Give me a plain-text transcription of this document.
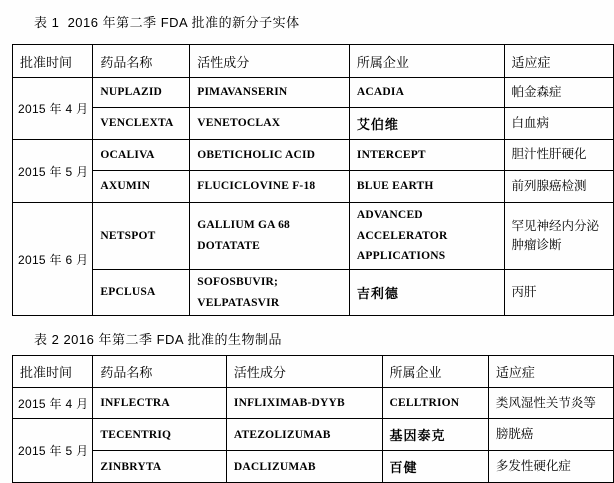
表 1  2016 年第二季 FDA 批准的新分子实体
批准时间	药品名称	活性成分	所属企业	适应症
2015 年 4 月	NUPLAZID	PIMAVANSERIN	ACADIA	帕金森症
	VENCLEXTA	VENETOCLAX	艾伯维	白血病
2015 年 5 月	OCALIVA	OBETICHOLIC ACID	INTERCEPT	胆汁性肝硬化
	AXUMIN	FLUCICLOVINE F-18	BLUE EARTH	前列腺癌检测
2015 年 6 月	NETSPOT	GALLIUM GA 68 DOTATATE	ADVANCED ACCELERATOR APPLICATIONS	罕见神经内分泌肿瘤诊断
	EPCLUSA	SOFOSBUVIR; VELPATASVIR	吉利德	丙肝
表 2 2016 年第二季 FDA 批准的生物制品
批准时间	药品名称	活性成分	所属企业	适应症
2015 年 4 月	INFLECTRA	INFLIXIMAB-DYYB	CELLTRION	类风湿性关节炎等
2015 年 5 月	TECENTRIQ	ATEZOLIZUMAB	基因泰克	膀胱癌
	ZINBRYTA	DACLIZUMAB	百健	多发性硬化症
